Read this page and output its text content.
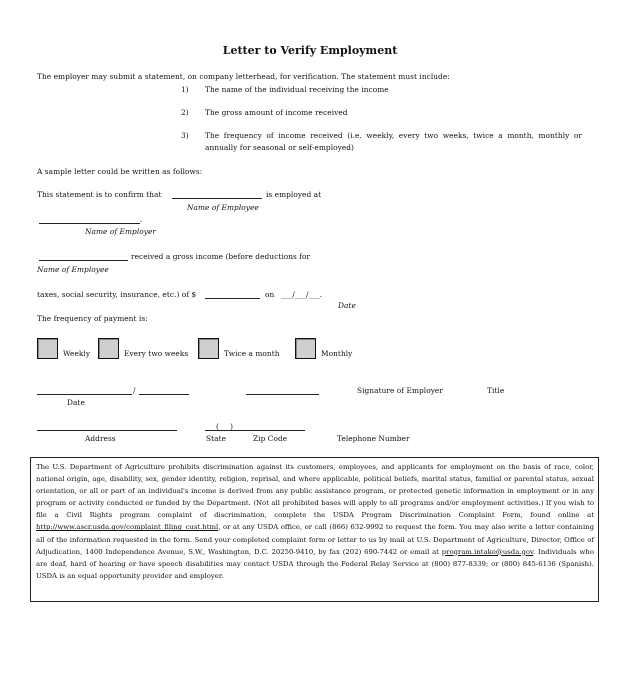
Letter to Verify Employment
The employer may submit a statement, on company letterhead, for verification. The statement must include:
1) The name of the individual receiving the income
2) The gross amount of income received
3) The frequency of income received (i.e. weekly, every two weeks, twice a month, monthly or
annually for seasonal or self-employed)
A sample letter could be written as follows:
This statement is to confirm that	is employed at
Name of Employee
.
Name of Employer
received a gross income (before deductions for
Name of Employee
taxes, social security, insurance, etc.) of $	on ___/___/___.
Date
The frequency of payment is:
Weekly	Every two weeks	Twice a month	Monthly
/	Signature of Employer	Title
Date
(___)
Address	State	Zip Code	Telephone Number

The U.S. Department of Agriculture prohibits discrimination against its customers, employees, and applicants for employment on the basis of race, color, national origin, age, disability, sex, gender identity, religion, reprisal, and where applicable, political beliefs, marital status, familial or parental status, sexual orientation, or all or part of an individual's income is derived from any public assistance program, or protected genetic information in employment or in any program or activity conducted or funded by the Department. (Not all prohibited bases will apply to all programs and/or employment activities.) If you wish to file a Civil Rights program complaint of discrimination, complete the USDA Program Discrimination Complaint Form, found online at http://www.ascr.usda.gov/complaint_filing_cust.html, or at any USDA office, or call (866) 632-9992 to request the form. You may also write a letter containing all of the information requested in the form. Send your completed complaint form or letter to us by mail at U.S. Department of Agriculture, Director, Office of Adjudication, 1400 Independence Avenue, S.W., Washington, D.C. 20250-9410, by fax (202) 690-7442 or email at program.intake@usda.gov. Individuals who are deaf, hard of hearing or have speech disabilities may contact USDA through the Federal Relay Service at (800) 877-8339; or (800) 845-6136 (Spanish). USDA is an equal opportunity provider and employer.
